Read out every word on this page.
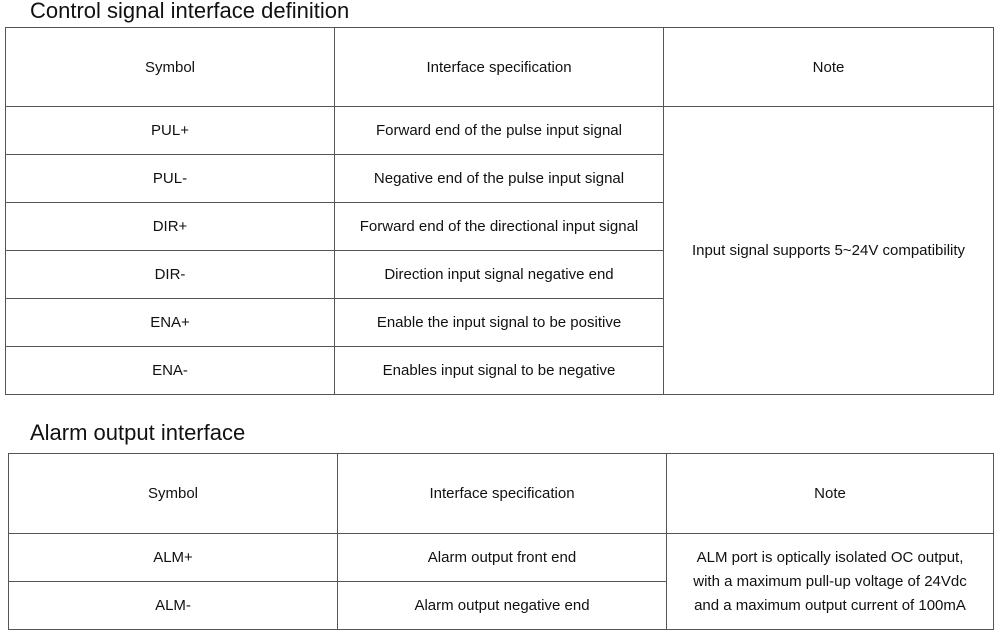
Control signal interface definition
Symbol	Interface specification	Note
PUL+	Forward end of the pulse input signal	Input signal supports 5~24V compatibility
PUL-	Negative end of the pulse input signal	
DIR+	Forward end of the directional input signal	
DIR-	Direction input signal negative end	
ENA+	Enable the input signal to be positive	
ENA-	Enables input signal to be negative	
Alarm output interface
Symbol	Interface specification	Note
ALM+	Alarm output front end	ALM port is optically isolated OC output,
with a maximum pull-up voltage of 24Vdc
and a maximum output current of 100mA

ALM-	Alarm output negative end	
